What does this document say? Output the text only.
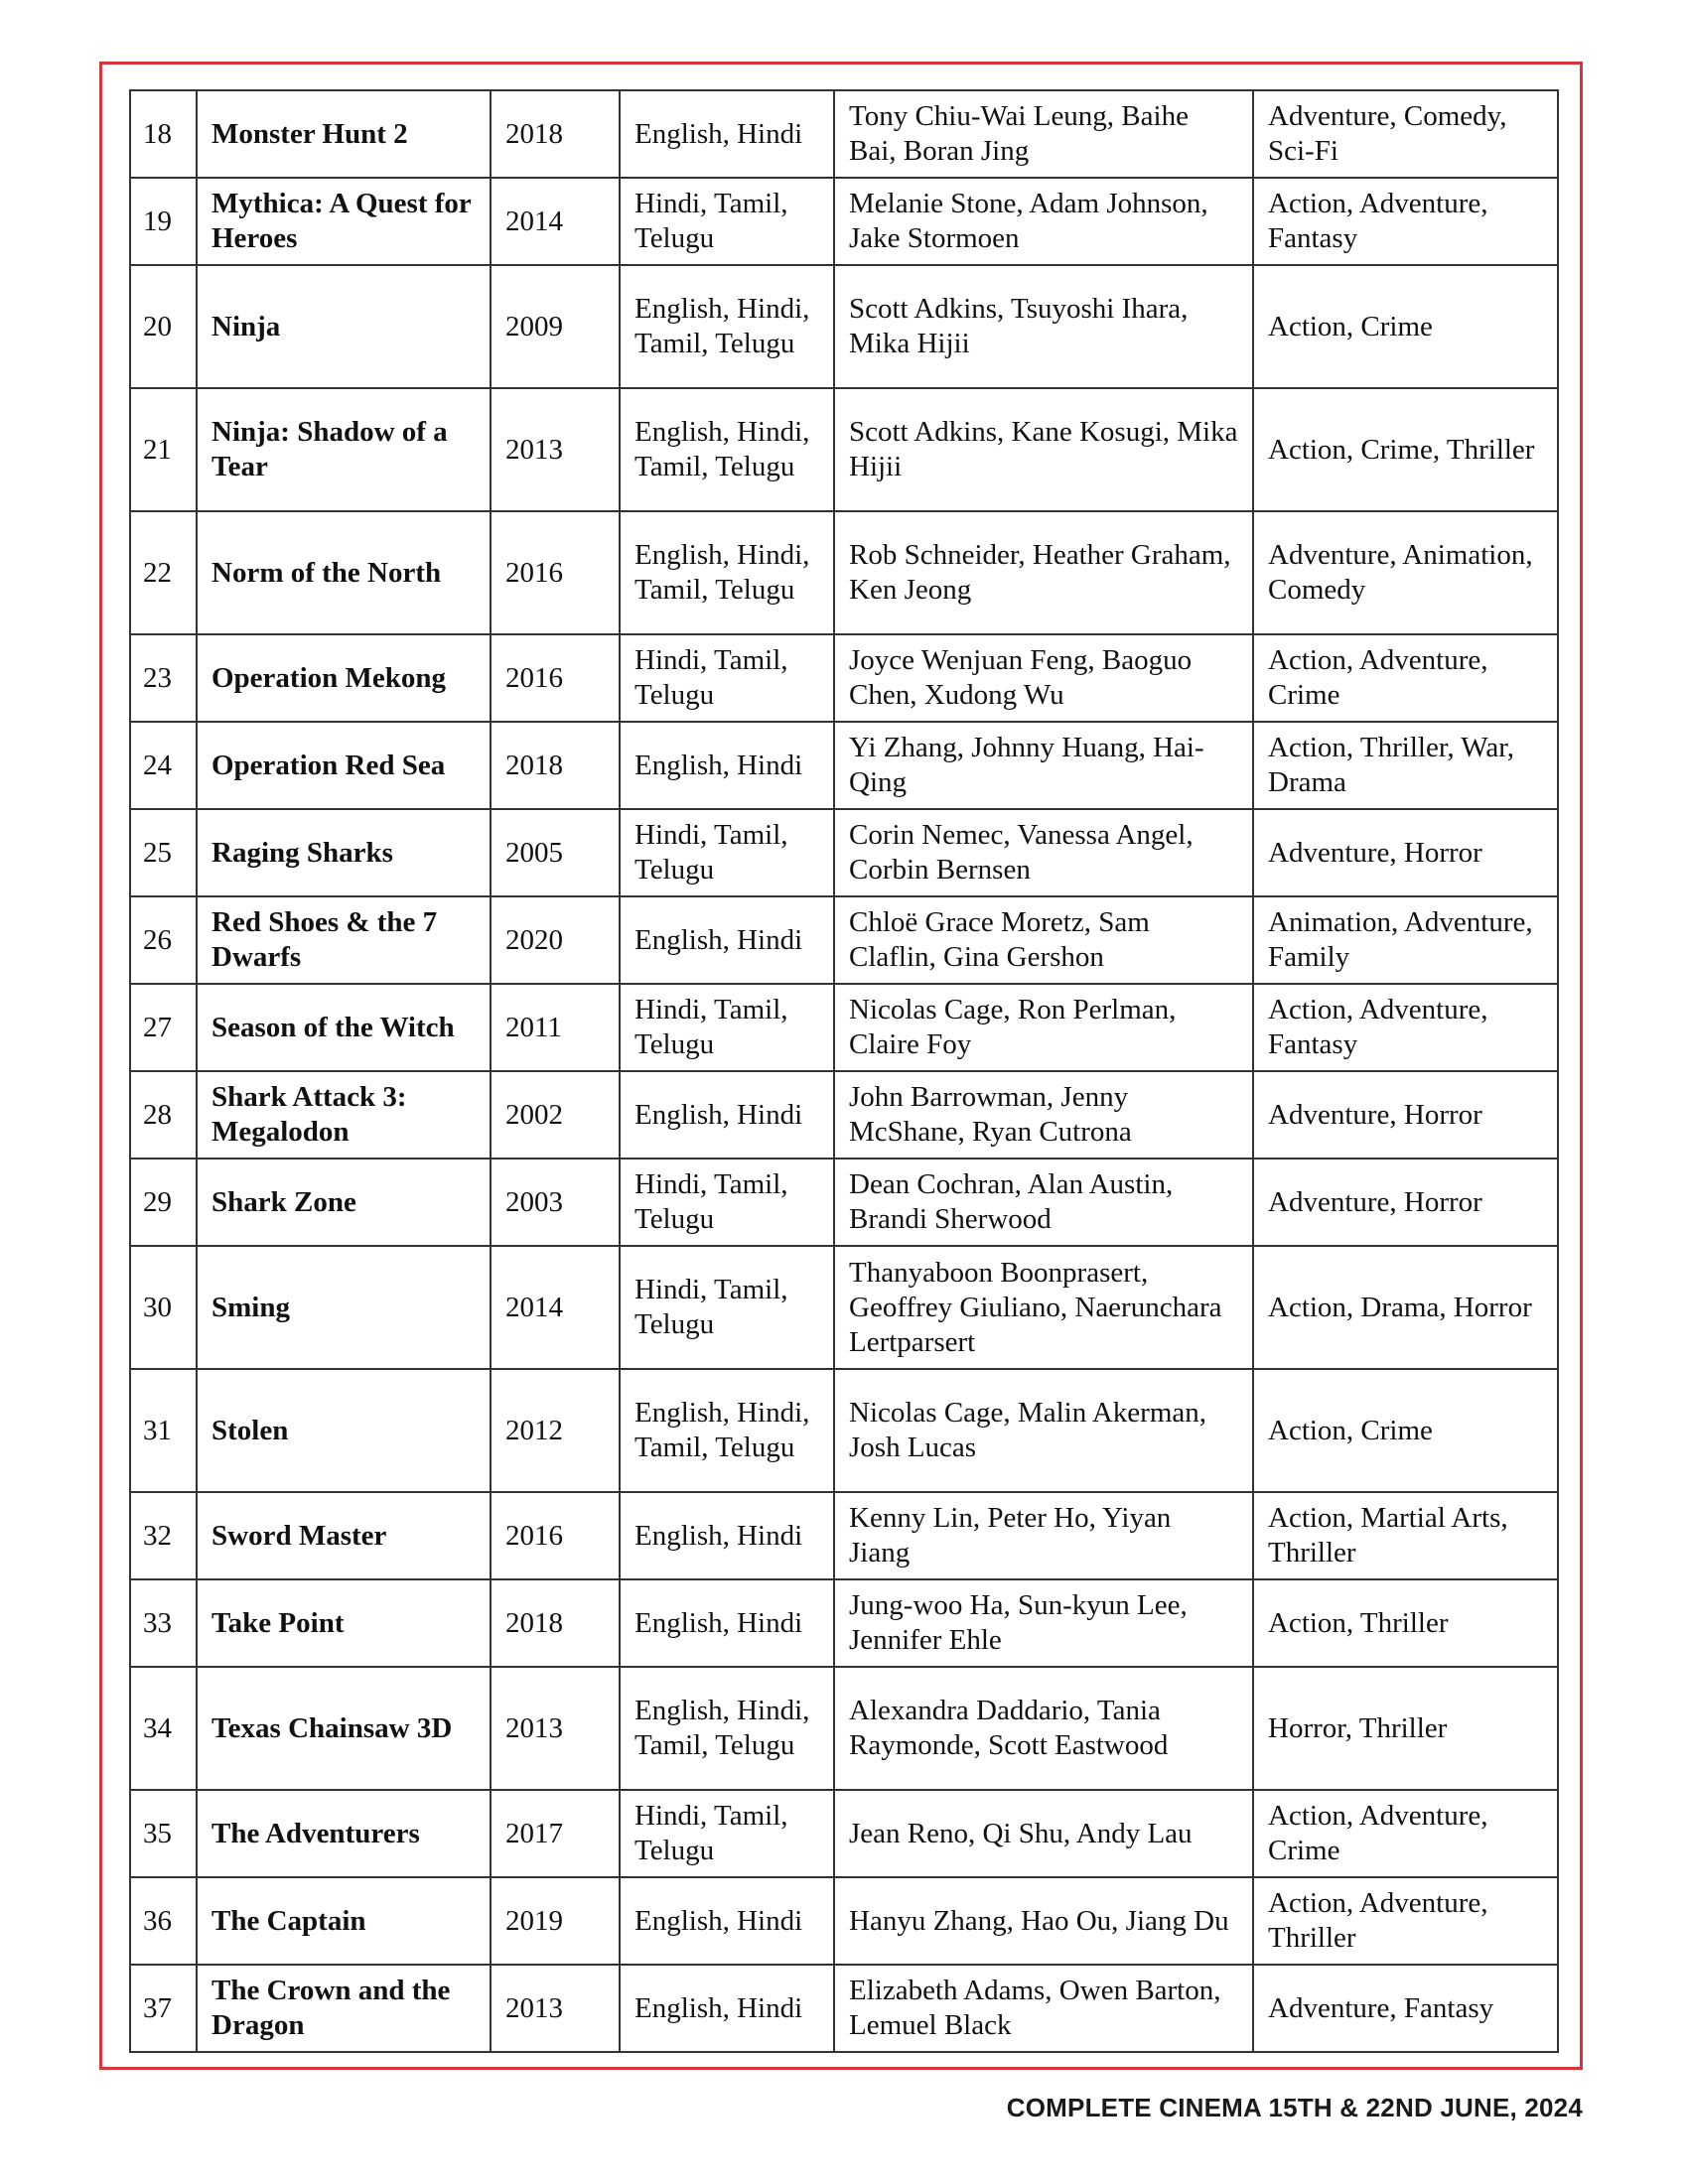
18	Monster Hunt 2	2018	English, Hindi	Tony Chiu-Wai Leung, Baihe Bai, Boran Jing	Adventure, Comedy, Sci-Fi
19	Mythica: A Quest for Heroes	2014	Hindi, Tamil, Telugu	Melanie Stone, Adam Johnson, Jake Stormoen	Action, Adventure, Fantasy
20	Ninja	2009	English, Hindi, Tamil, Telugu	Scott Adkins, Tsuyoshi Ihara, Mika Hijii	Action, Crime
21	Ninja: Shadow of a Tear	2013	English, Hindi, Tamil, Telugu	Scott Adkins, Kane Kosugi, Mika Hijii	Action, Crime, Thriller
22	Norm of the North	2016	English, Hindi, Tamil, Telugu	Rob Schneider, Heather Graham, Ken Jeong	Adventure, Animation, Comedy
23	Operation Mekong	2016	Hindi, Tamil, Telugu	Joyce Wenjuan Feng, Baoguo Chen, Xudong Wu	Action, Adventure, Crime
24	Operation Red Sea	2018	English, Hindi	Yi Zhang, Johnny Huang, Hai-Qing	Action, Thriller, War, Drama
25	Raging Sharks	2005	Hindi, Tamil, Telugu	Corin Nemec, Vanessa Angel, Corbin Bernsen	Adventure, Horror
26	Red Shoes & the 7 Dwarfs	2020	English, Hindi	Chloë Grace Moretz, Sam Claflin, Gina Gershon	Animation, Adventure, Family
27	Season of the Witch	2011	Hindi, Tamil, Telugu	Nicolas Cage, Ron Perlman, Claire Foy	Action, Adventure, Fantasy
28	Shark Attack 3: Megalodon	2002	English, Hindi	John Barrowman, Jenny McShane, Ryan Cutrona	Adventure, Horror
29	Shark Zone	2003	Hindi, Tamil, Telugu	Dean Cochran, Alan Austin, Brandi Sherwood	Adventure, Horror
30	Sming	2014	Hindi, Tamil, Telugu	Thanyaboon Boonprasert, Geoffrey Giuliano, Naerunchara Lertparsert	Action, Drama, Horror
31	Stolen	2012	English, Hindi, Tamil, Telugu	Nicolas Cage, Malin Akerman, Josh Lucas	Action, Crime
32	Sword Master	2016	English, Hindi	Kenny Lin, Peter Ho, Yiyan Jiang	Action, Martial Arts, Thriller
33	Take Point	2018	English, Hindi	Jung-woo Ha, Sun-kyun Lee, Jennifer Ehle	Action, Thriller
34	Texas Chainsaw 3D	2013	English, Hindi, Tamil, Telugu	Alexandra Daddario, Tania Raymonde, Scott Eastwood	Horror, Thriller
35	The Adventurers	2017	Hindi, Tamil, Telugu	Jean Reno, Qi Shu, Andy Lau	Action, Adventure, Crime
36	The Captain	2019	English, Hindi	Hanyu Zhang, Hao Ou, Jiang Du	Action, Adventure, Thriller
37	The Crown and the Dragon	2013	English, Hindi	Elizabeth Adams, Owen Barton, Lemuel Black	Adventure, Fantasy
COMPLETE CINEMA 15TH & 22ND JUNE, 2024
